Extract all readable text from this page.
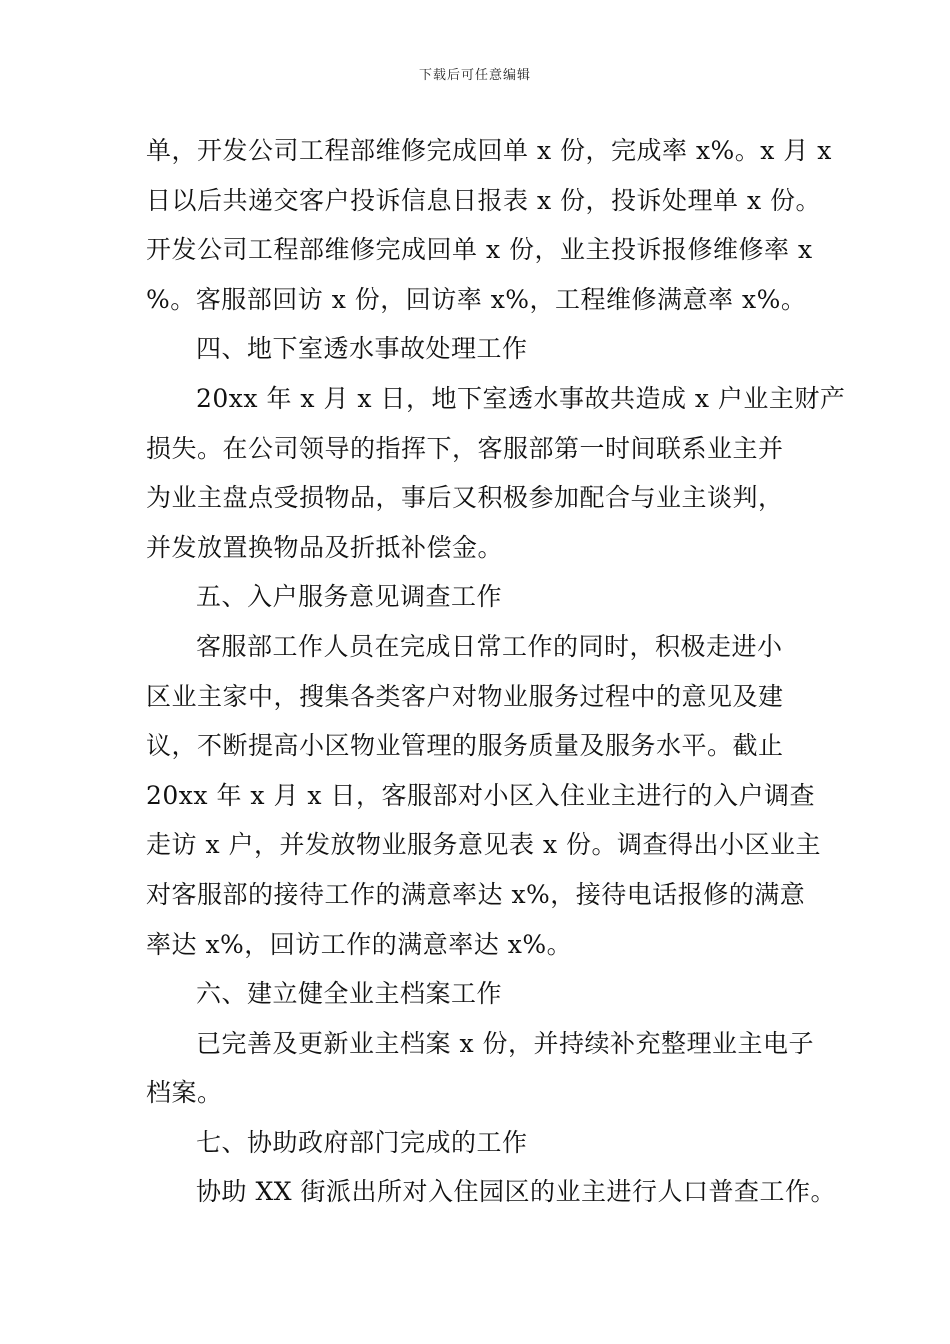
下载后可任意编辑
单，开发公司工程部维修完成回单 x 份，完成率 x%。x 月 x
日以后共递交客户投诉信息日报表 x 份，投诉处理单 x 份。
开发公司工程部维修完成回单 x 份，业主投诉报修维修率 x
%。客服部回访 x 份，回访率 x%，工程维修满意率 x%。
四、地下室透水事故处理工作
20xx 年 x 月 x 日，地下室透水事故共造成 x 户业主财产
损失。在公司领导的指挥下，客服部第一时间联系业主并
为业主盘点受损物品，事后又积极参加配合与业主谈判，
并发放置换物品及折抵补偿金。
五、入户服务意见调查工作
客服部工作人员在完成日常工作的同时，积极走进小
区业主家中，搜集各类客户对物业服务过程中的意见及建
议，不断提高小区物业管理的服务质量及服务水平。截止
20xx 年 x 月 x 日，客服部对小区入住业主进行的入户调查
走访 x 户，并发放物业服务意见表 x 份。调查得出小区业主
对客服部的接待工作的满意率达 x%，接待电话报修的满意
率达 x%，回访工作的满意率达 x%。
六、建立健全业主档案工作
已完善及更新业主档案 x 份，并持续补充整理业主电子
档案。
七、协助政府部门完成的工作
协助 XX 街派出所对入住园区的业主进行人口普查工作。
